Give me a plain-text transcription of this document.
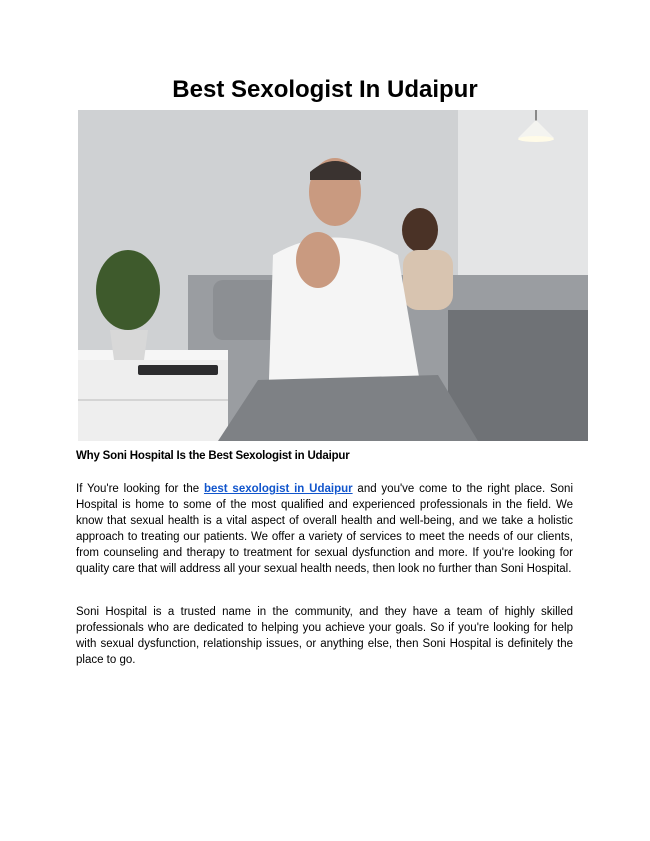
Best Sexologist In Udaipur
Why Soni Hospital Is the Best Sexologist in Udaipur

If You're looking for the best sexologist in Udaipur and you've come to the right place. Soni Hospital is home to some of the most qualified and experienced professionals in the field. We know that sexual health is a vital aspect of overall health and well-being, and we take a holistic approach to treating our patients. We offer a variety of services to meet the needs of our clients, from counseling and therapy to treatment for sexual dysfunction and more. If you're looking for quality care that will address all your sexual health needs, then look no further than Soni Hospital.

Soni Hospital is a trusted name in the community, and they have a team of highly skilled professionals who are dedicated to helping you achieve your goals. So if you're looking for help with sexual dysfunction, relationship issues, or anything else, then Soni Hospital is definitely the place to go.
